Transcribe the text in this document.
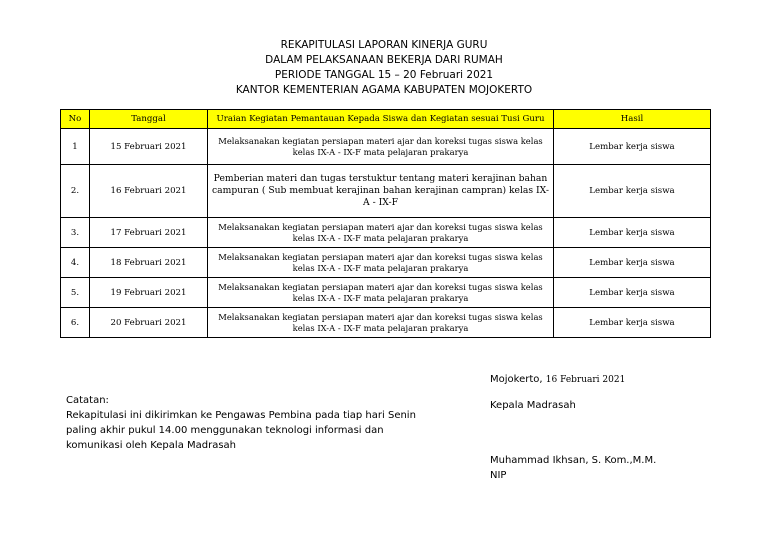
REKAPITULASI LAPORAN KINERJA GURU
DALAM PELAKSANAAN BEKERJA DARI RUMAH
PERIODE TANGGAL 15 – 20 Februari 2021
KANTOR KEMENTERIAN AGAMA KABUPATEN MOJOKERTO
No	Tanggal	Uraian Kegiatan Pemantauan Kepada Siswa dan Kegiatan sesuai Tusi Guru	Hasil
1	15 Februari 2021	Melaksanakan kegiatan persiapan materi ajar dan koreksi tugas siswa kelas kelas IX-A - IX-F mata pelajaran prakarya	Lembar kerja siswa
2.	16 Februari 2021	Pemberian materi dan tugas terstuktur tentang materi kerajinan bahan campuran ( Sub membuat kerajinan bahan kerajinan campran) kelas IX-A - IX-F	Lembar kerja siswa
3.	17 Februari 2021	Melaksanakan kegiatan persiapan materi ajar dan koreksi tugas siswa kelas kelas IX-A - IX-F mata pelajaran prakarya	Lembar kerja siswa
4.	18 Februari 2021	Melaksanakan kegiatan persiapan materi ajar dan koreksi tugas siswa kelas kelas IX-A - IX-F mata pelajaran prakarya	Lembar kerja siswa
5.	19 Februari 2021	Melaksanakan kegiatan persiapan materi ajar dan koreksi tugas siswa kelas kelas IX-A - IX-F mata pelajaran prakarya	Lembar kerja siswa
6.	20 Februari 2021	Melaksanakan kegiatan persiapan materi ajar dan koreksi tugas siswa kelas kelas IX-A - IX-F mata pelajaran prakarya	Lembar kerja siswa
Catatan:
Rekapitulasi ini dikirimkan ke Pengawas Pembina pada tiap hari Senin paling akhir pukul 14.00 menggunakan teknologi informasi dan komunikasi oleh Kepala Madrasah
Mojokerto, 16 Februari 2021
Kepala Madrasah
Muhammad Ikhsan, S. Kom.,M.M.
NIP
